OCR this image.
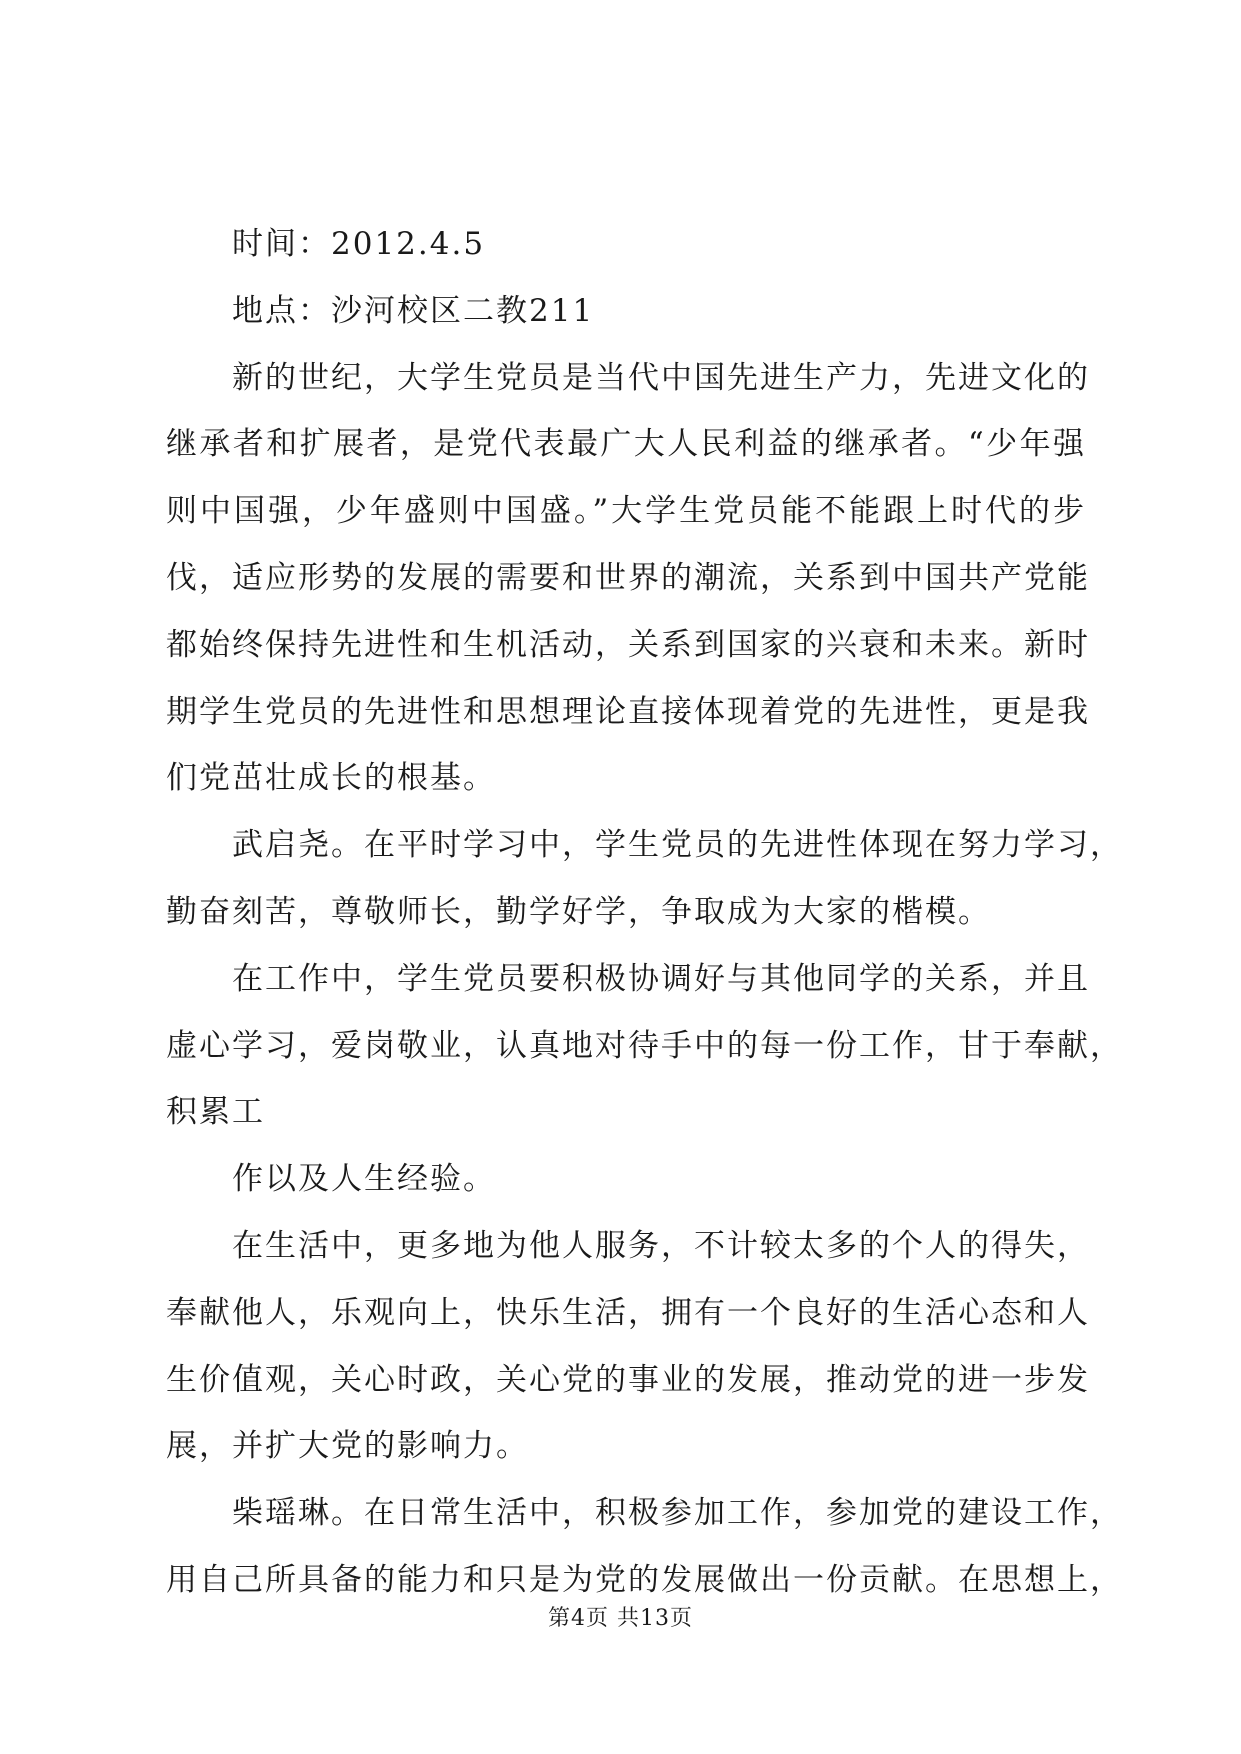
时间：2012.4.5
地点：沙河校区二教211
新的世纪，大学生党员是当代中国先进生产力，先进文化的
继承者和扩展者，是党代表最广大人民利益的继承者。“少年强
则中国强，少年盛则中国盛。”大学生党员能不能跟上时代的步
伐，适应形势的发展的需要和世界的潮流，关系到中国共产党能
都始终保持先进性和生机活动，关系到国家的兴衰和未来。新时
期学生党员的先进性和思想理论直接体现着党的先进性，更是我
们党茁壮成长的根基。
武启尧。在平时学习中，学生党员的先进性体现在努力学习，
勤奋刻苦，尊敬师长，勤学好学，争取成为大家的楷模。
在工作中，学生党员要积极协调好与其他同学的关系，并且
虚心学习，爱岗敬业，认真地对待手中的每一份工作，甘于奉献，
积累工
作以及人生经验。
在生活中，更多地为他人服务，不计较太多的个人的得失，
奉献他人，乐观向上，快乐生活，拥有一个良好的生活心态和人
生价值观，关心时政，关心党的事业的发展，推动党的进一步发
展，并扩大党的影响力。
柴瑶琳。在日常生活中，积极参加工作，参加党的建设工作，
用自己所具备的能力和只是为党的发展做出一份贡献。在思想上，
第4页 共13页
